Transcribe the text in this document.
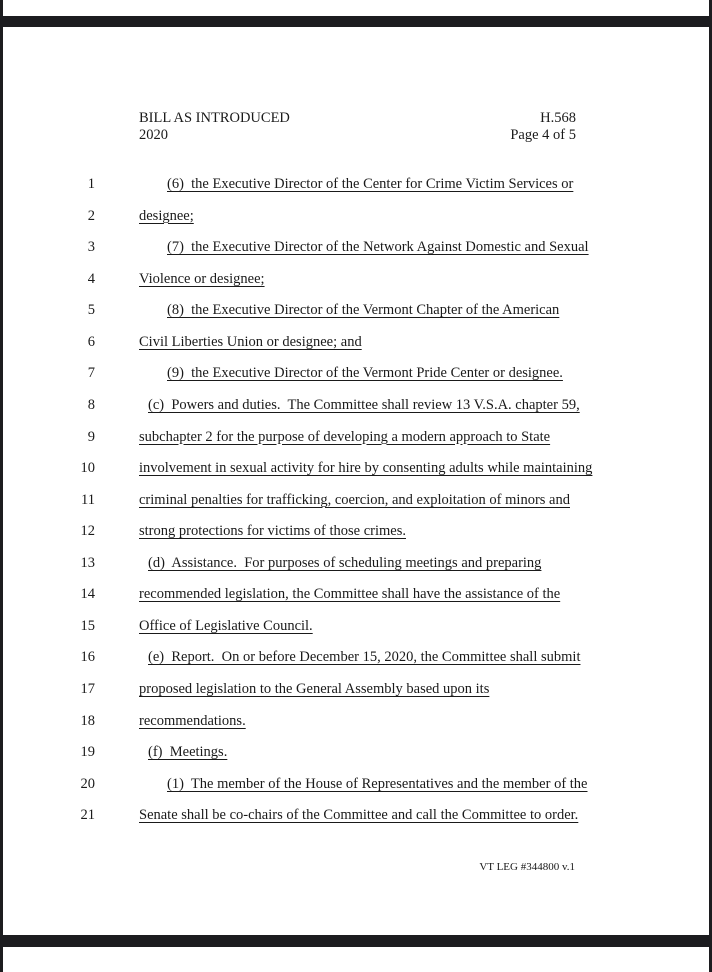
BILL AS INTRODUCED
2020
H.568
Page 4 of 5
1	(6)  the Executive Director of the Center for Crime Victim Services or
2	designee;
3	(7)  the Executive Director of the Network Against Domestic and Sexual
4	Violence or designee;
5	(8)  the Executive Director of the Vermont Chapter of the American
6	Civil Liberties Union or designee; and
7	(9)  the Executive Director of the Vermont Pride Center or designee.
8	(c)  Powers and duties.  The Committee shall review 13 V.S.A. chapter 59,
9	subchapter 2 for the purpose of developing a modern approach to State
10	involvement in sexual activity for hire by consenting adults while maintaining
11	criminal penalties for trafficking, coercion, and exploitation of minors and
12	strong protections for victims of those crimes.
13	(d)  Assistance.  For purposes of scheduling meetings and preparing
14	recommended legislation, the Committee shall have the assistance of the
15	Office of Legislative Council.
16	(e)  Report.  On or before December 15, 2020, the Committee shall submit
17	proposed legislation to the General Assembly based upon its
18	recommendations.
19	(f)  Meetings.
20	(1)  The member of the House of Representatives and the member of the
21	Senate shall be co-chairs of the Committee and call the Committee to order.
VT LEG #344800 v.1
